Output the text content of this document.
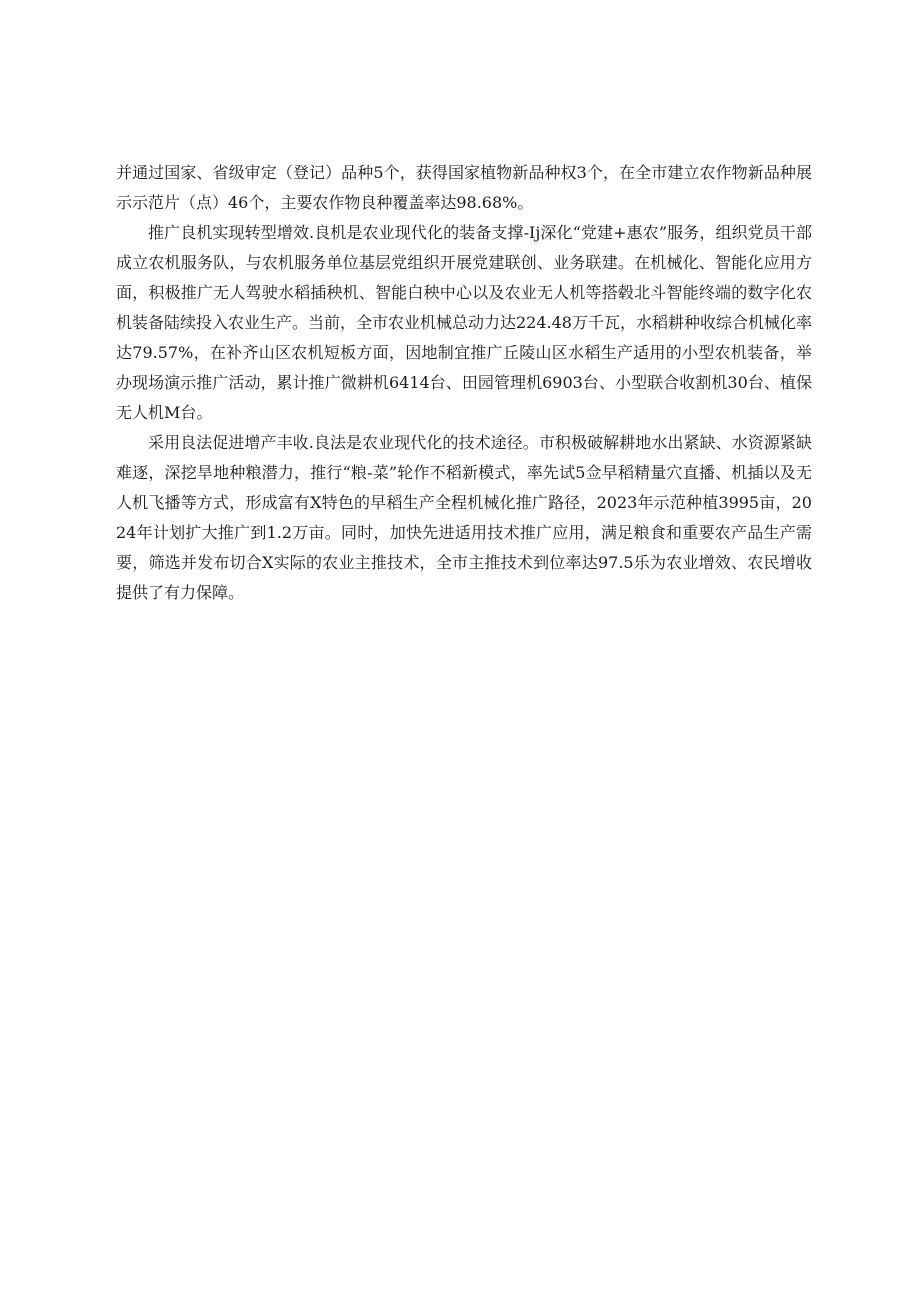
并通过国家、省级审定（登记）品种5个，获得国家植物新品种权3个，在全市建立农作物新品种展示示范片（点）46个，主要农作物良种覆盖率达98.68%。

推广良机实现转型增效.良机是农业现代化的装备支撑-Ij深化“党建+惠农”服务，组织党员干部成立农机服务队，与农机服务单位基层党组织开展党建联创、业务联建。在机械化、智能化应用方面，积极推广无人驾驶水稻插秧机、智能白秧中心以及农业无人机等搭毂北斗智能终端的数字化农机装备陆续投入农业生产。当前，全市农业机械总动力达224.48万千瓦，水稻耕种收综合机械化率达79.57%，在补齐山区农机短板方面，因地制宜推广丘陵山区水稻生产适用的小型农机装备，举办现场演示推广活动，累计推广微耕机6414台、田园管理机6903台、小型联合收割机30台、植保无人机M台。

采用良法促进增产丰收.良法是农业现代化的技术途径。市积极破解耕地水出紧缺、水资源紧缺难逐，深挖旱地种粮潜力，推行“粮-菜”轮作不稻新模式，率先试5佥早稻精量穴直播、机插以及无人机飞播等方式，形成富有X特色的早稻生产全程机械化推广路径，2023年示范种植3995亩，2024年计划扩大推广到1.2万亩。同时，加快先进适用技术推广应用，满足粮食和重要农产品生产需要，筛选并发布切合X实际的农业主推技术，全市主推技术到位率达97.5乐为农业增效、农民增收提供了有力保障。
